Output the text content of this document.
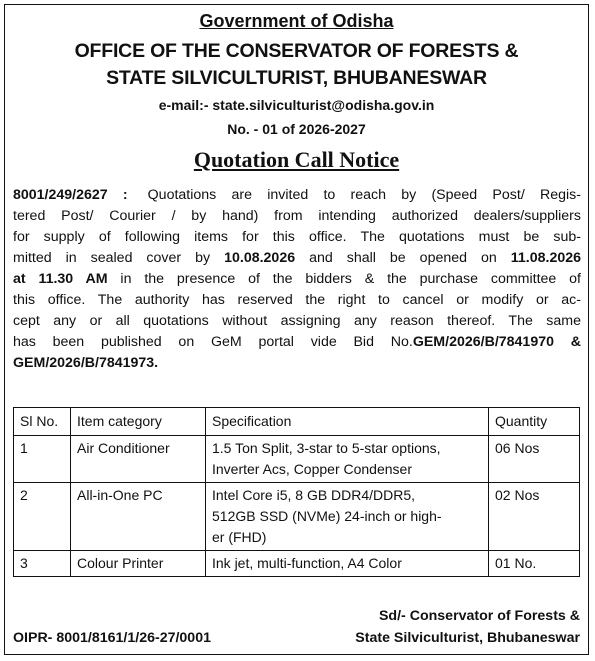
Government of Odisha
OFFICE OF THE CONSERVATOR OF FORESTS &
STATE SILVICULTURIST, BHUBANESWAR
e-mail:- state.silviculturist@odisha.gov.in
No. - 01 of 2026-2027
Quotation Call Notice
8001/249/2627 : Quotations are invited to reach by (Speed Post/ Regis-
tered Post/ Courier / by hand) from intending authorized dealers/suppliers
for supply of following items for this office. The quotations must be sub-
mitted in sealed cover by 10.08.2026 and shall be opened on 11.08.2026
at 11.30 AM in the presence of the bidders & the purchase committee of
this office. The authority has reserved the right to cancel or modify or ac-
cept any or all quotations without assigning any reason thereof. The same
has been published on GeM portal vide Bid No.GEM/2026/B/7841970 &
GEM/2026/B/7841973.
Sl No.	Item category	Specification	Quantity
1	Air Conditioner	1.5 Ton Split, 3-star to 5-star options,
Inverter Acs, Copper Condenser	06 Nos
2	All-in-One PC	Intel Core i5, 8 GB DDR4/DDR5,
512GB SSD (NVMe) 24-inch or high-
er (FHD)	02 Nos
3	Colour Printer	Ink jet, multi-function, A4 Color	01 No.
Sd/- Conservator of Forests &
State Silviculturist, Bhubaneswar
OIPR- 8001/8161/1/26-27/0001
